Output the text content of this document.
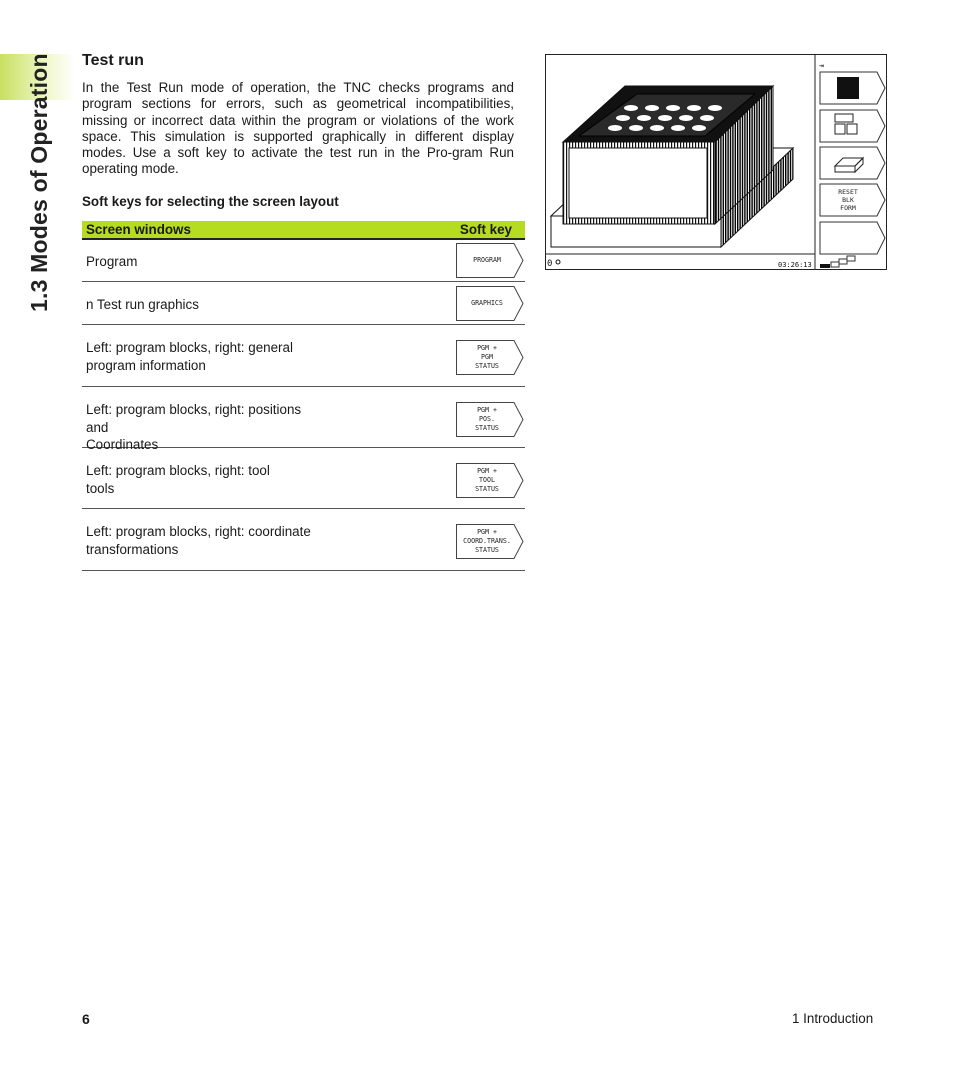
1.3 Modes of Operation Test run

In the Test Run mode of operation, the TNC checks programs and program sections for errors, such as geometrical incompatibilities, missing or incorrect data within the program or violations of the work space. This simulation is supported graphically in different display modes. Use a soft key to activate the test run in the Pro-gram Run operating mode.

Soft keys for selecting the screen layout

Screen windows	Soft key
Program	PROGRAM
n Test run graphics	GRAPHICS
Left: program blocks, right: general
program information
PGM +
PGM
STATUS
Left: program blocks, right: positions and
Coordinates
PGM +
POS.
STATUS
Left: program blocks, right: tool
tools
PGM +
TOOL
STATUS
Left: program blocks, right: coordinate
transformations
PGM +
COORD.TRANS.
STATUS
0	03:26:13
⇥
RESET
BLK
FORM
6	1 Introduction
